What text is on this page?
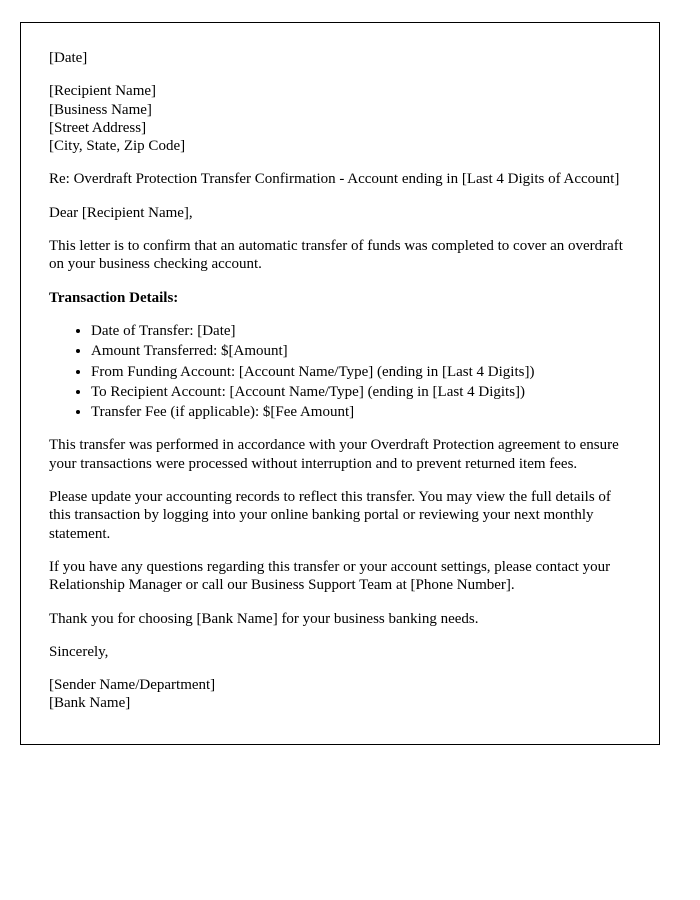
[Date]

[Recipient Name]

[Business Name]

[Street Address]

[City, State, Zip Code]

Re: Overdraft Protection Transfer Confirmation - Account ending in [Last 4 Digits of Account]

Dear [Recipient Name],

This letter is to confirm that an automatic transfer of funds was completed to cover an overdraft on your business checking account.

Transaction Details:

• Date of Transfer: [Date]
• Amount Transferred: $[Amount]
• From Funding Account: [Account Name/Type] (ending in [Last 4 Digits])
• To Recipient Account: [Account Name/Type] (ending in [Last 4 Digits])
• Transfer Fee (if applicable): $[Fee Amount]

This transfer was performed in accordance with your Overdraft Protection agreement to ensure your transactions were processed without interruption and to prevent returned item fees.

Please update your accounting records to reflect this transfer. You may view the full details of this transaction by logging into your online banking portal or reviewing your next monthly statement.

If you have any questions regarding this transfer or your account settings, please contact your Relationship Manager or call our Business Support Team at [Phone Number].

Thank you for choosing [Bank Name] for your business banking needs.

Sincerely,

[Sender Name/Department]

[Bank Name]
